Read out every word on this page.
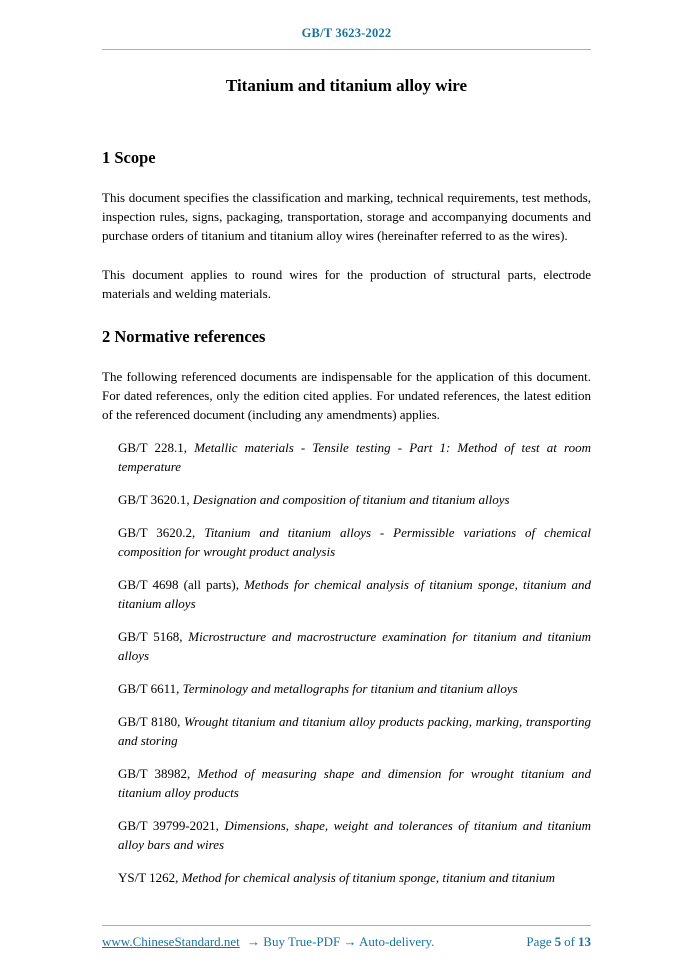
GB/T 3623-2022
Titanium and titanium alloy wire
1 Scope

This document specifies the classification and marking, technical requirements, test methods, inspection rules, signs, packaging, transportation, storage and accompanying documents and purchase orders of titanium and titanium alloy wires (hereinafter referred to as the wires).

This document applies to round wires for the production of structural parts, electrode materials and welding materials.

2 Normative references

The following referenced documents are indispensable for the application of this document. For dated references, only the edition cited applies. For undated references, the latest edition of the referenced document (including any amendments) applies.

GB/T 228.1, Metallic materials - Tensile testing - Part 1: Method of test at room temperature

GB/T 3620.1, Designation and composition of titanium and titanium alloys

GB/T 3620.2, Titanium and titanium alloys - Permissible variations of chemical composition for wrought product analysis

GB/T 4698 (all parts), Methods for chemical analysis of titanium sponge, titanium and titanium alloys

GB/T 5168, Microstructure and macrostructure examination for titanium and titanium alloys

GB/T 6611, Terminology and metallographs for titanium and titanium alloys

GB/T 8180, Wrought titanium and titanium alloy products packing, marking, transporting and storing

GB/T 38982, Method of measuring shape and dimension for wrought titanium and titanium alloy products

GB/T 39799-2021, Dimensions, shape, weight and tolerances of titanium and titanium alloy bars and wires

YS/T 1262, Method for chemical analysis of titanium sponge, titanium and titanium

www.ChineseStandard.net → Buy True-PDF → Auto-delivery.	Page 5 of 13
